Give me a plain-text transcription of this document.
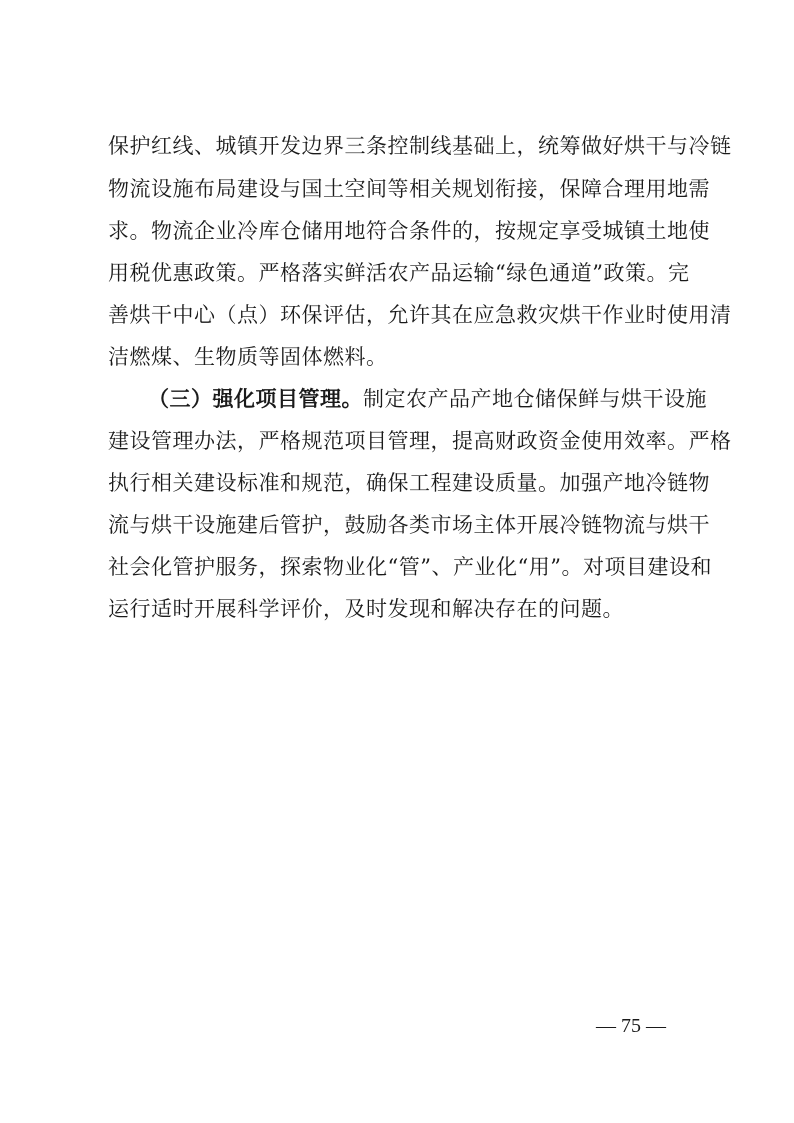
保护红线、城镇开发边界三条控制线基础上，统筹做好烘干与冷链
物流设施布局建设与国土空间等相关规划衔接，保障合理用地需
求。物流企业冷库仓储用地符合条件的，按规定享受城镇土地使
用税优惠政策。严格落实鲜活农产品运输“绿色通道”政策。完
善烘干中心（点）环保评估，允许其在应急救灾烘干作业时使用清
洁燃煤、生物质等固体燃料。
（三）强化项目管理。制定农产品产地仓储保鲜与烘干设施
建设管理办法，严格规范项目管理，提高财政资金使用效率。严格
执行相关建设标准和规范，确保工程建设质量。加强产地冷链物
流与烘干设施建后管护，鼓励各类市场主体开展冷链物流与烘干
社会化管护服务，探索物业化“管”、产业化“用”。对项目建设和
运行适时开展科学评价，及时发现和解决存在的问题。
— 75 —
